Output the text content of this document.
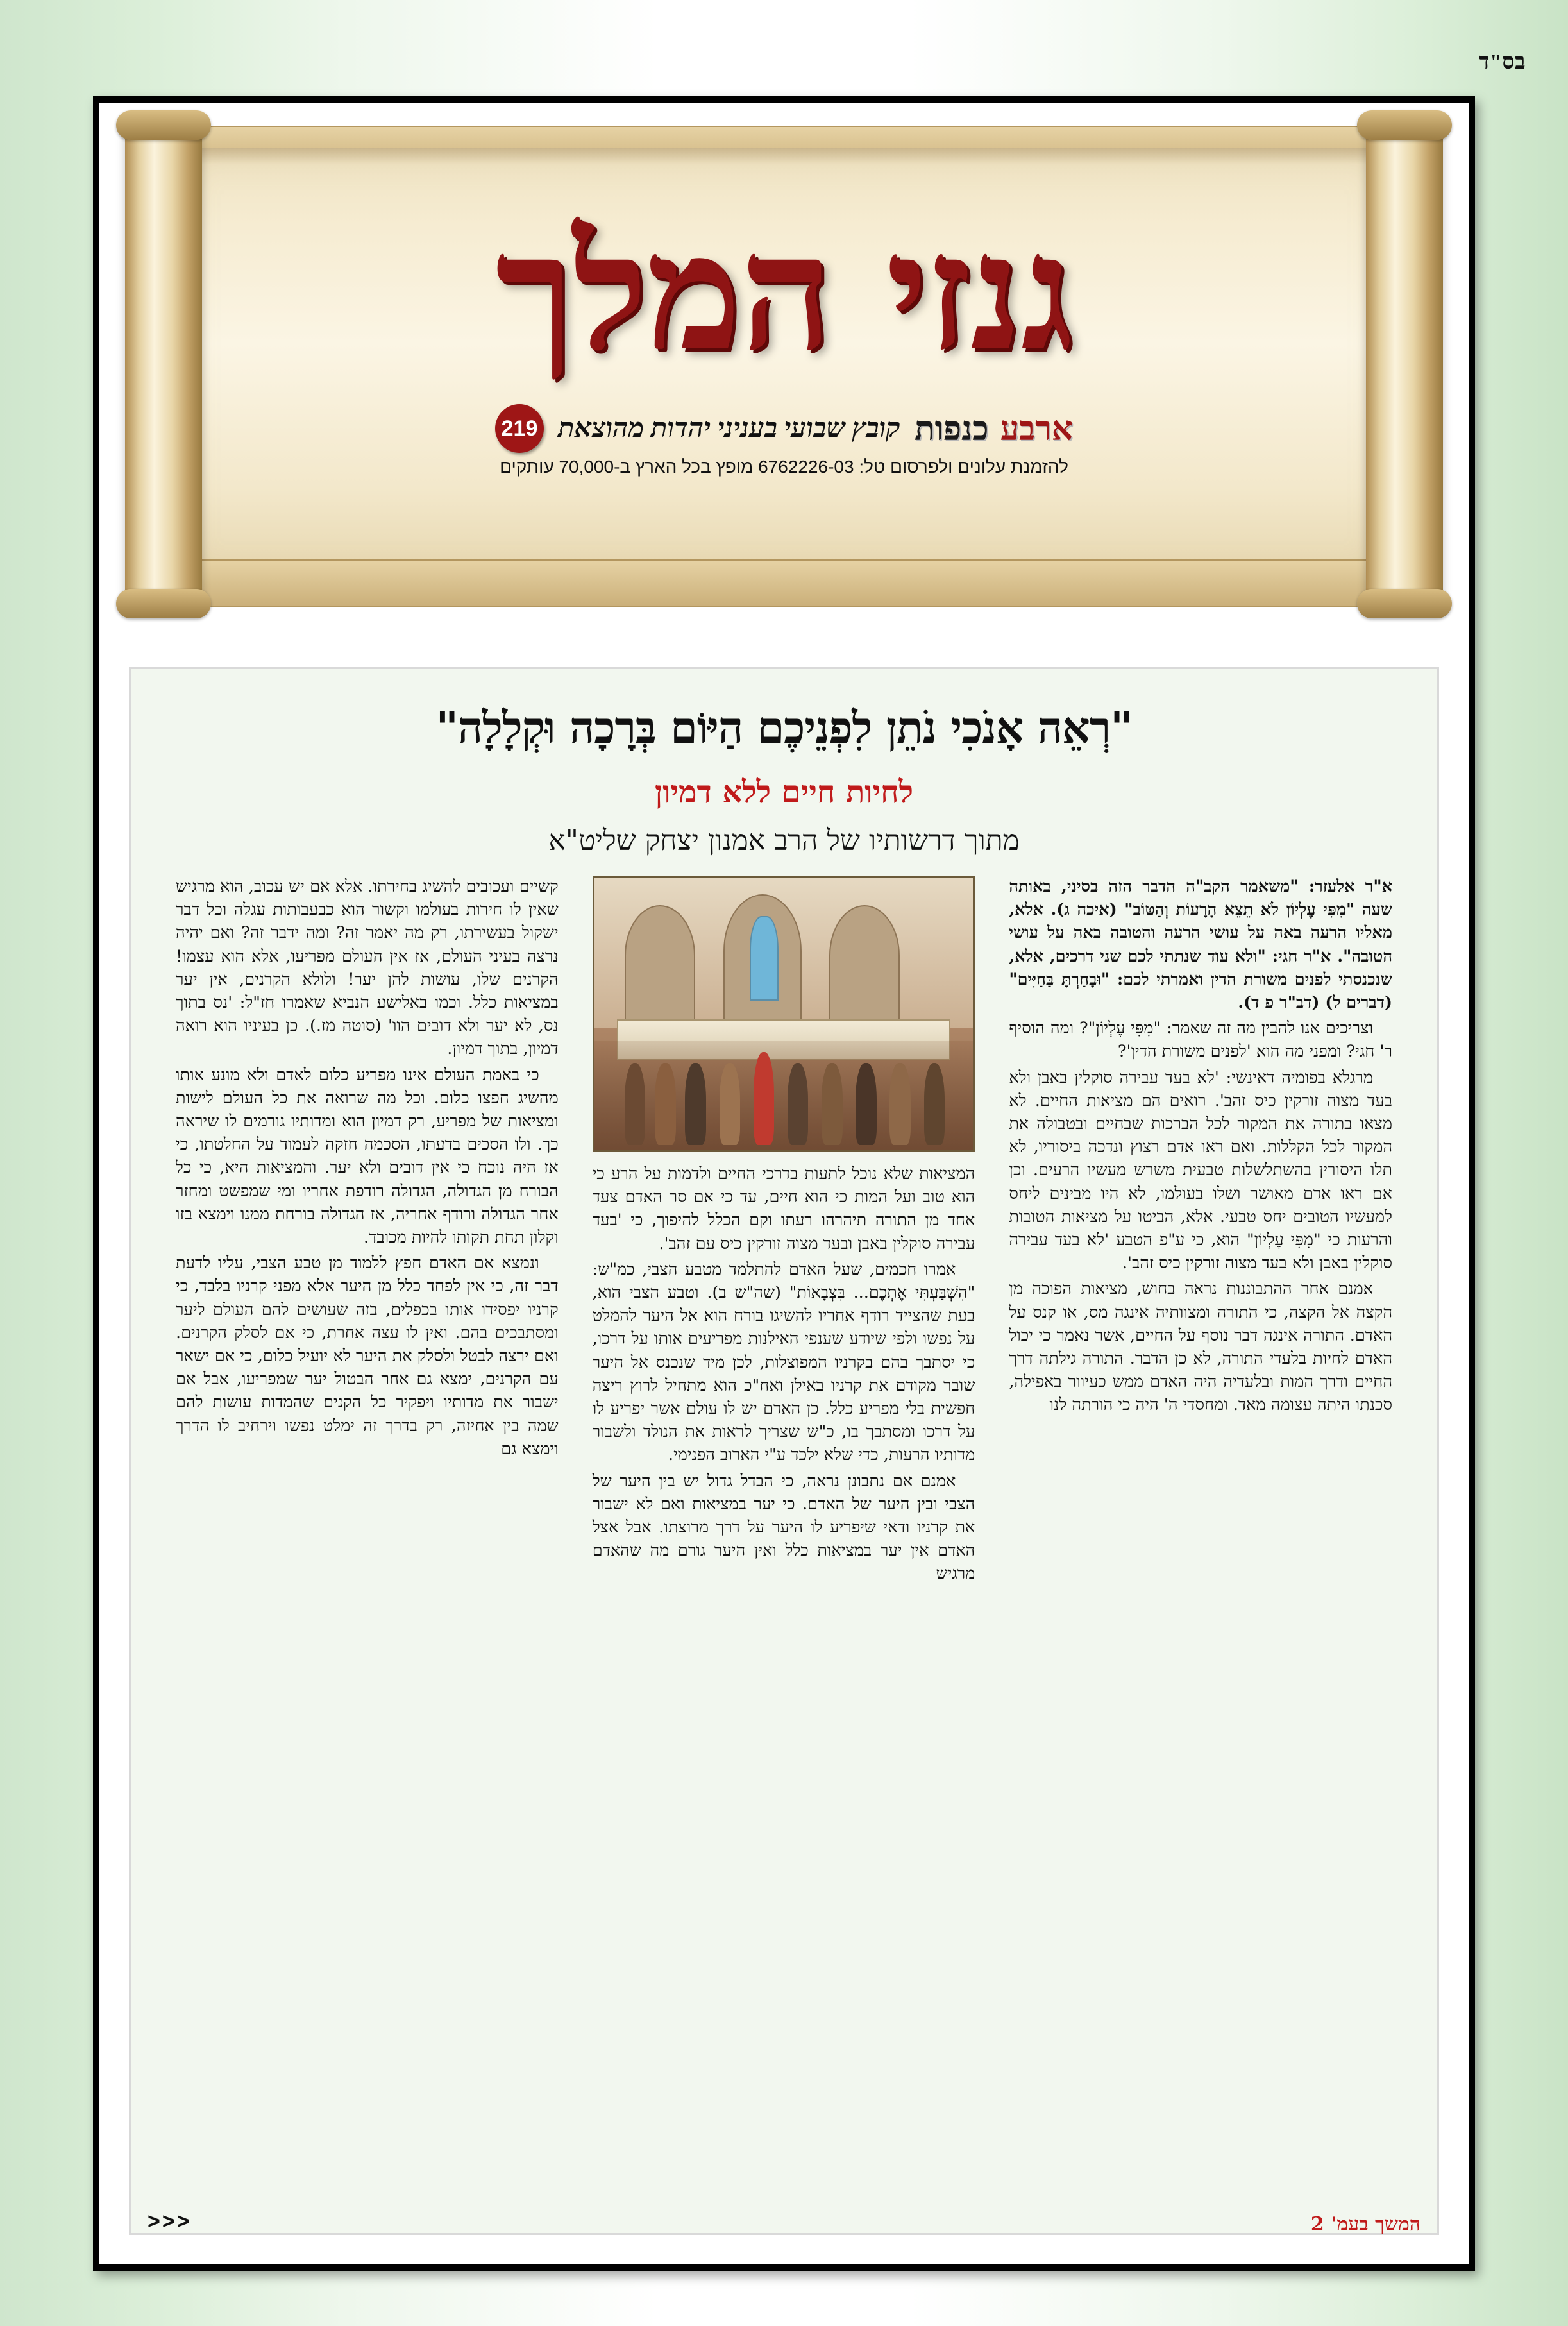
בס"ד
גנזי המלך
ארבע כנפות
קובץ שבועי בעניני יהדות מהוצאת
219
להזמנת עלונים ולפרסום טל: 6762226-03 מופץ בכל הארץ ב-70,000 עותקים
"רְאֵה אָנֹכִי נֹתֵן לִפְנֵיכֶם הַיּוֹם בְּרָכָה וּקְלָלָה"
לחיות חיים ללא דמיון
מתוך דרשותיו של הרב אמנון יצחק שליט"א

א"ר אלעזר: "משאמר הקב"ה הדבר הזה בסיני, באותה שעה "מִפִּי עֶלְיוֹן לֹא תֵצֵא הָרָעוֹת וְהַטּוֹב" (איכה ג). אלא, מאליו הרעה באה על עושי הרעה והטובה באה על עושי הטובה". א"ר חגי: "ולא עוד שנתתי לכם שני דרכים, אלא, שנכנסתי לפנים משורת הדין ואמרתי לכם: "וּבָחַרְתָּ בַּחַיִּים" (דברים ל) (דב"ר פ ד).

וצריכים אנו להבין מה זה שאמר: "מִפִּי עֶלְיוֹן"? ומה הוסיף ר' חגי? ומפני מה הוא 'לפנים משורת הדין'?

מרגלא בפומיה דאינשי: 'לא בעד עבירה סוקלין באבן ולא בעד מצוה זורקין כיס זהב'. רואים הם מציאות החיים. לא מצאו בתורה את המקור לכל הברכות שבחיים ובטבולה את המקור לכל הקללות. ואם ראו אדם רצוץ ונדכה ביסוריו, לא תלו היסורין בהשתלשלות טבעית משרש מעשיו הרעים. וכן אם ראו אדם מאושר ושלו בעולמו, לא היו מבינים ליחס למעשיו הטובים יחס טבעי. אלא, הביטו על מציאות הטובות והרעות כי "מִפִּי עֶלְיוֹן" הוא, כי ע"פ הטבע 'לא בעד עבירה סוקלין באבן ולא בעד מצוה זורקין כיס זהב'.

אמנם אחר ההתבוננות נראה בחוש, מציאות הפוכה מן הקצה אל הקצה, כי התורה ומצוותיה אינגה מס, או קנס על האדם. התורה אינגה דבר נוסף על החיים, אשר נאמר כי יכול האדם לחיות בלעדי התורה, לא כן הדבר. התורה גילתה דרך החיים ודרך המות ובלעדיה היה האדם ממש כעיוור באפילה, סכנתו היתה עצומה מאד. ומחסדי ה' היה כי הורתה לנו

המציאות שלא נוכל לתעות בדרכי החיים ולדמות על הרע כי הוא טוב ועל המות כי הוא חיים, עד כי אם סר האדם צעד אחד מן התורה תיהרהו רעתו וקם הכלל להיפוך, כי 'בעד עבירה סוקלין באבן ובעד מצוה זורקין כיס עם זהב'.

אמרו חכמים, שעל האדם להתלמד מטבע הצבי, כמ"ש: "הִשְׁבַּעְתִּי אֶתְכֶם... בִּצְבָאוֹת" (שה"ש ב). וטבע הצבי הוא, בעת שהצייד רודף אחריו להשיגו בורח הוא אל היער להמלט על נפשו ולפי שיודע שענפי האילנות מפריעים אותו על דרכו, כי יסתבך בהם בקרניו המפוצלות, לכן מיד שנכנס אל היער שובר מקודם את קרניו באילן ואח"כ הוא מתחיל לרוץ ריצה חפשית בלי מפריע כלל. כן האדם יש לו עולם אשר יפריע לו על דרכו ומסתבך בו, כ"ש שצריך לראות את הנולד ולשבור מדותיו הרעות, כדי שלא ילכד ע"י הארוב הפנימי.

אמנם אם נתבונן נראה, כי הבדל גדול יש בין היער של הצבי ובין היער של האדם. כי יער במציאות ואם לא ישבור את קרניו ודאי שיפריע לו היער על דרך מרוצתו. אבל אצל האדם אין יער במציאות כלל ואין היער גורם מה שהאדם מרגיש

קשיים ועכובים להשיג בחירתו. אלא אם יש עכוב, הוא מרגיש שאין לו חירות בעולמו וקשור הוא כבעבותות עגלה וכל דבר ישקול בעשירתו, רק מה יאמר זה? ומה ידבר זה? ואם יהיה נרצה בעיני העולם, אז אין העולם מפריעו, אלא הוא עצמו! הקרנים שלו, עושות להן יער! ולולא הקרנים, אין יער במציאות כלל. וכמו באלישע הנביא שאמרו חז"ל: 'נס בתוך נס, לא יער ולא דובים הוו' (סוטה מז.). כן בעיניו הוא רואה דמיון, בתוך דמיון.

כי באמת העולם אינו מפריע כלום לאדם ולא מונע אותו מהשיג חפצו כלום. וכל מה שרואה את כל העולם לישות ומציאות של מפריע, רק דמיון הוא ומדותיו גורמים לו שיראה כך. ולו הסכים בדעתו, הסכמה חזקה לעמוד על החלטתו, כי אז היה נוכח כי אין דובים ולא יער. והמציאות היא, כי כל הבורח מן הגדולה, הגדולה רודפת אחריו ומי שמפשט ומחזר אחר הגדולה ורודף אחריה, אז הגדולה בורחת ממנו וימצא בזו וקלון תחת תקותו להיות מכובד.

ונמצא אם האדם חפץ ללמוד מן טבע הצבי, עליו לדעת דבר זה, כי אין לפחד כלל מן היער אלא מפני קרניו בלבד, כי קרניו יפסידו אותו בכפלים, בזה שעושים להם העולם ליער ומסתבכים בהם. ואין לו עצה אחרת, כי אם לסלק הקרנים. ואם ירצה לבטל ולסלק את היער לא יועיל כלום, כי אם ישאר עם הקרנים, ימצא גם אחר הבטול יער שמפריעו, אבל אם ישבור את מדותיו ויפקיר כל הקנים שהמדות עושות להם שמה בין אחיזה, רק בדרך זה ימלט נפשו וירחיב לו הדרך וימצא גם

המשך בעמ' 2
<<<
